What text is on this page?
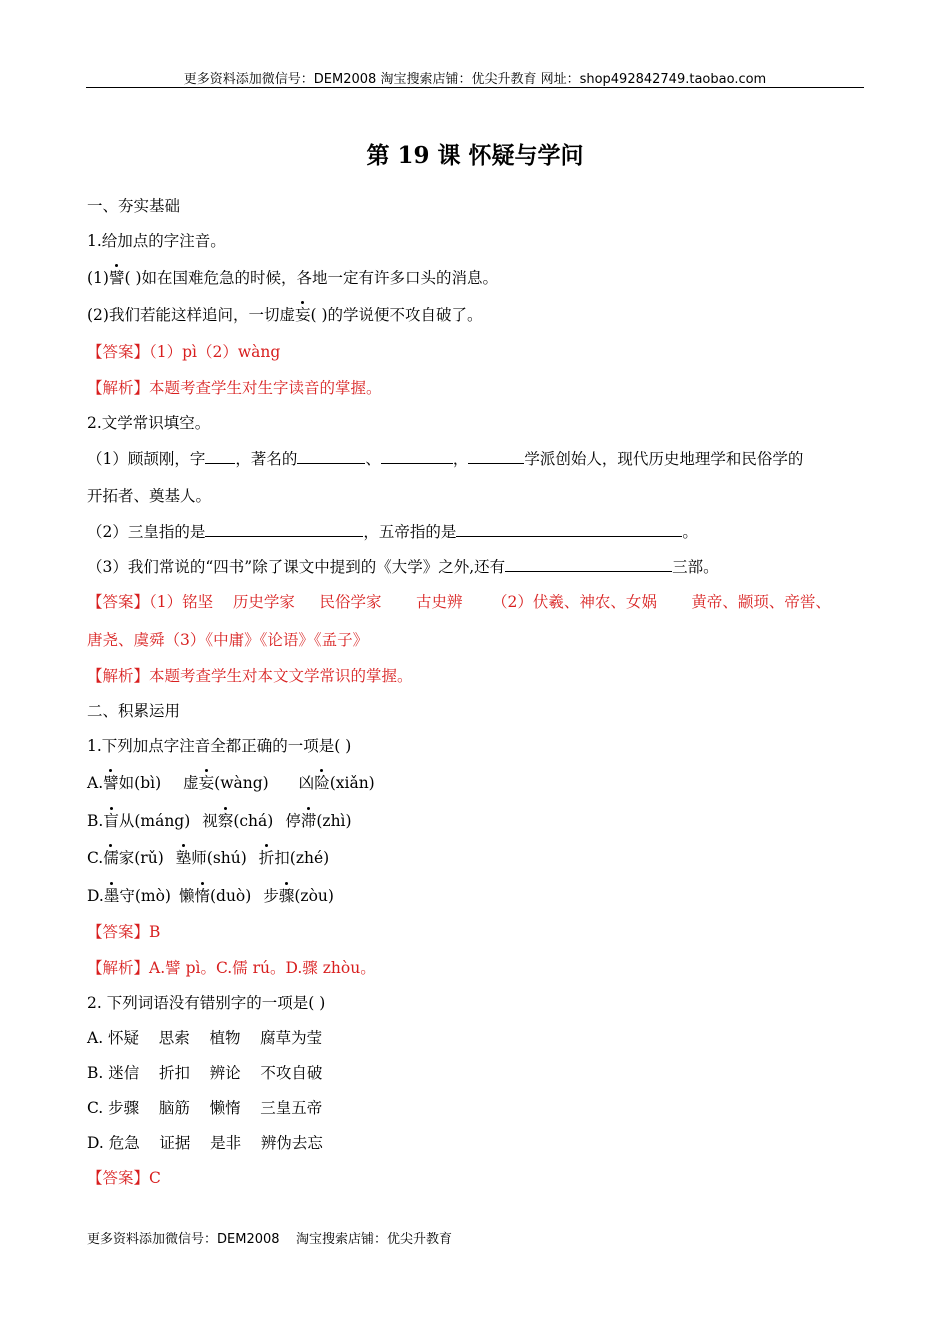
更多资料添加微信号：DEM2008 淘宝搜索店铺：优尖升教育 网址：shop492842749.taobao.com
第 19 课 怀疑与学问
一、夯实基础
1.给加点的字注音。
(1)譬( )如在国难危急的时候，各地一定有许多口头的消息。
(2)我们若能这样追问，一切虚妄( )的学说便不攻自破了。
【答案】（1）pì（2）wàng
【解析】本题考查学生对生字读音的掌握。
2.文学常识填空。
（1）顾颉刚，字 ，著名的	、	，	学派创始人，现代历史地理学和民俗学的
开拓者、奠基人。
（2）三皇指的是	，五帝指的是	。
（3）我们常说的“四书”除了课文中提到的《大学》之外,还有	三部。
【答案】（1）铭坚    历史学家     民俗学家       古史辨      （2）伏羲、神农、女娲       黄帝、颛顼、帝喾、
唐尧、虞舜（3）《中庸》《论语》《孟子》
【解析】本题考查学生对本文文学常识的掌握。
二、积累运用
1.下列加点字注音全都正确的一项是( )
A.譬如(bì) 虚妄(wàng) 凶险(xiǎn)
B.盲从(máng) 视察(chá) 停滞(zhì)
C.儒家(rǔ) 塾师(shú) 折扣(zhé)
D.墨守(mò) 懒惰(duò) 步骤(zòu)
【答案】B
【解析】A.譬 pì。C.儒 rú。D.骤 zhòu。
2. 下列词语没有错别字的一项是( )
A. 怀疑    思索    植物    腐草为莹
B. 迷信    折扣    辨论    不攻自破
C. 步骤    脑筋    懒惰    三皇五帝
D. 危急    证据    是非    辨伪去忘
【答案】C
更多资料添加微信号：DEM2008    淘宝搜索店铺：优尖升教育
